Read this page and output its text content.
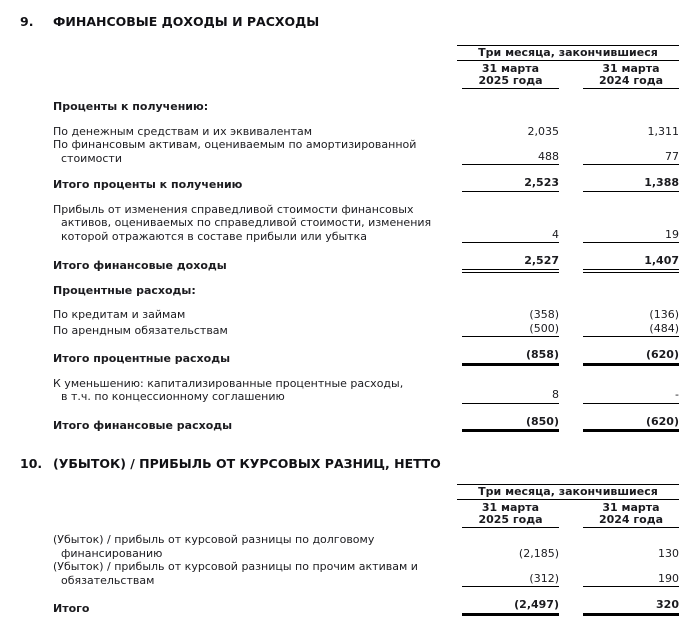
9.	ФИНАНСОВЫЕ ДОХОДЫ И РАСХОДЫ
Три месяца, закончившиеся
31 марта
2025 года
31 марта
2024 года
Проценты к получению:
По денежным средствам и их эквивалентам	2,035	1,311
По финансовым активам, оцениваемым по амортизированной
стоимости	488	77
Итого проценты к получению	2,523	1,388
Прибыль от изменения справедливой стоимости финансовых
активов, оцениваемых по справедливой стоимости, изменения
которой отражаются в составе прибыли или убытка	4	19
Итого финансовые доходы	2,527	1,407
Процентные расходы:
По кредитам и займам	(358)	(136)
По арендным обязательствам	(500)	(484)
Итого процентные расходы	(858)	(620)
К уменьшению: капитализированные процентные расходы,
в т.ч. по концессионному соглашению	8	-
Итого финансовые расходы	(850)	(620)
10. (УБЫТОК) / ПРИБЫЛЬ ОТ КУРСОВЫХ РАЗНИЦ, НЕТТО
Три месяца, закончившиеся
31 марта
2025 года
31 марта
2024 года
(Убыток) / прибыль от курсовой разницы по долговому
финансированию	(2,185)	130
(Убыток) / прибыль от курсовой разницы по прочим активам и
обязательствам	(312)	190
Итого	(2,497)	320
